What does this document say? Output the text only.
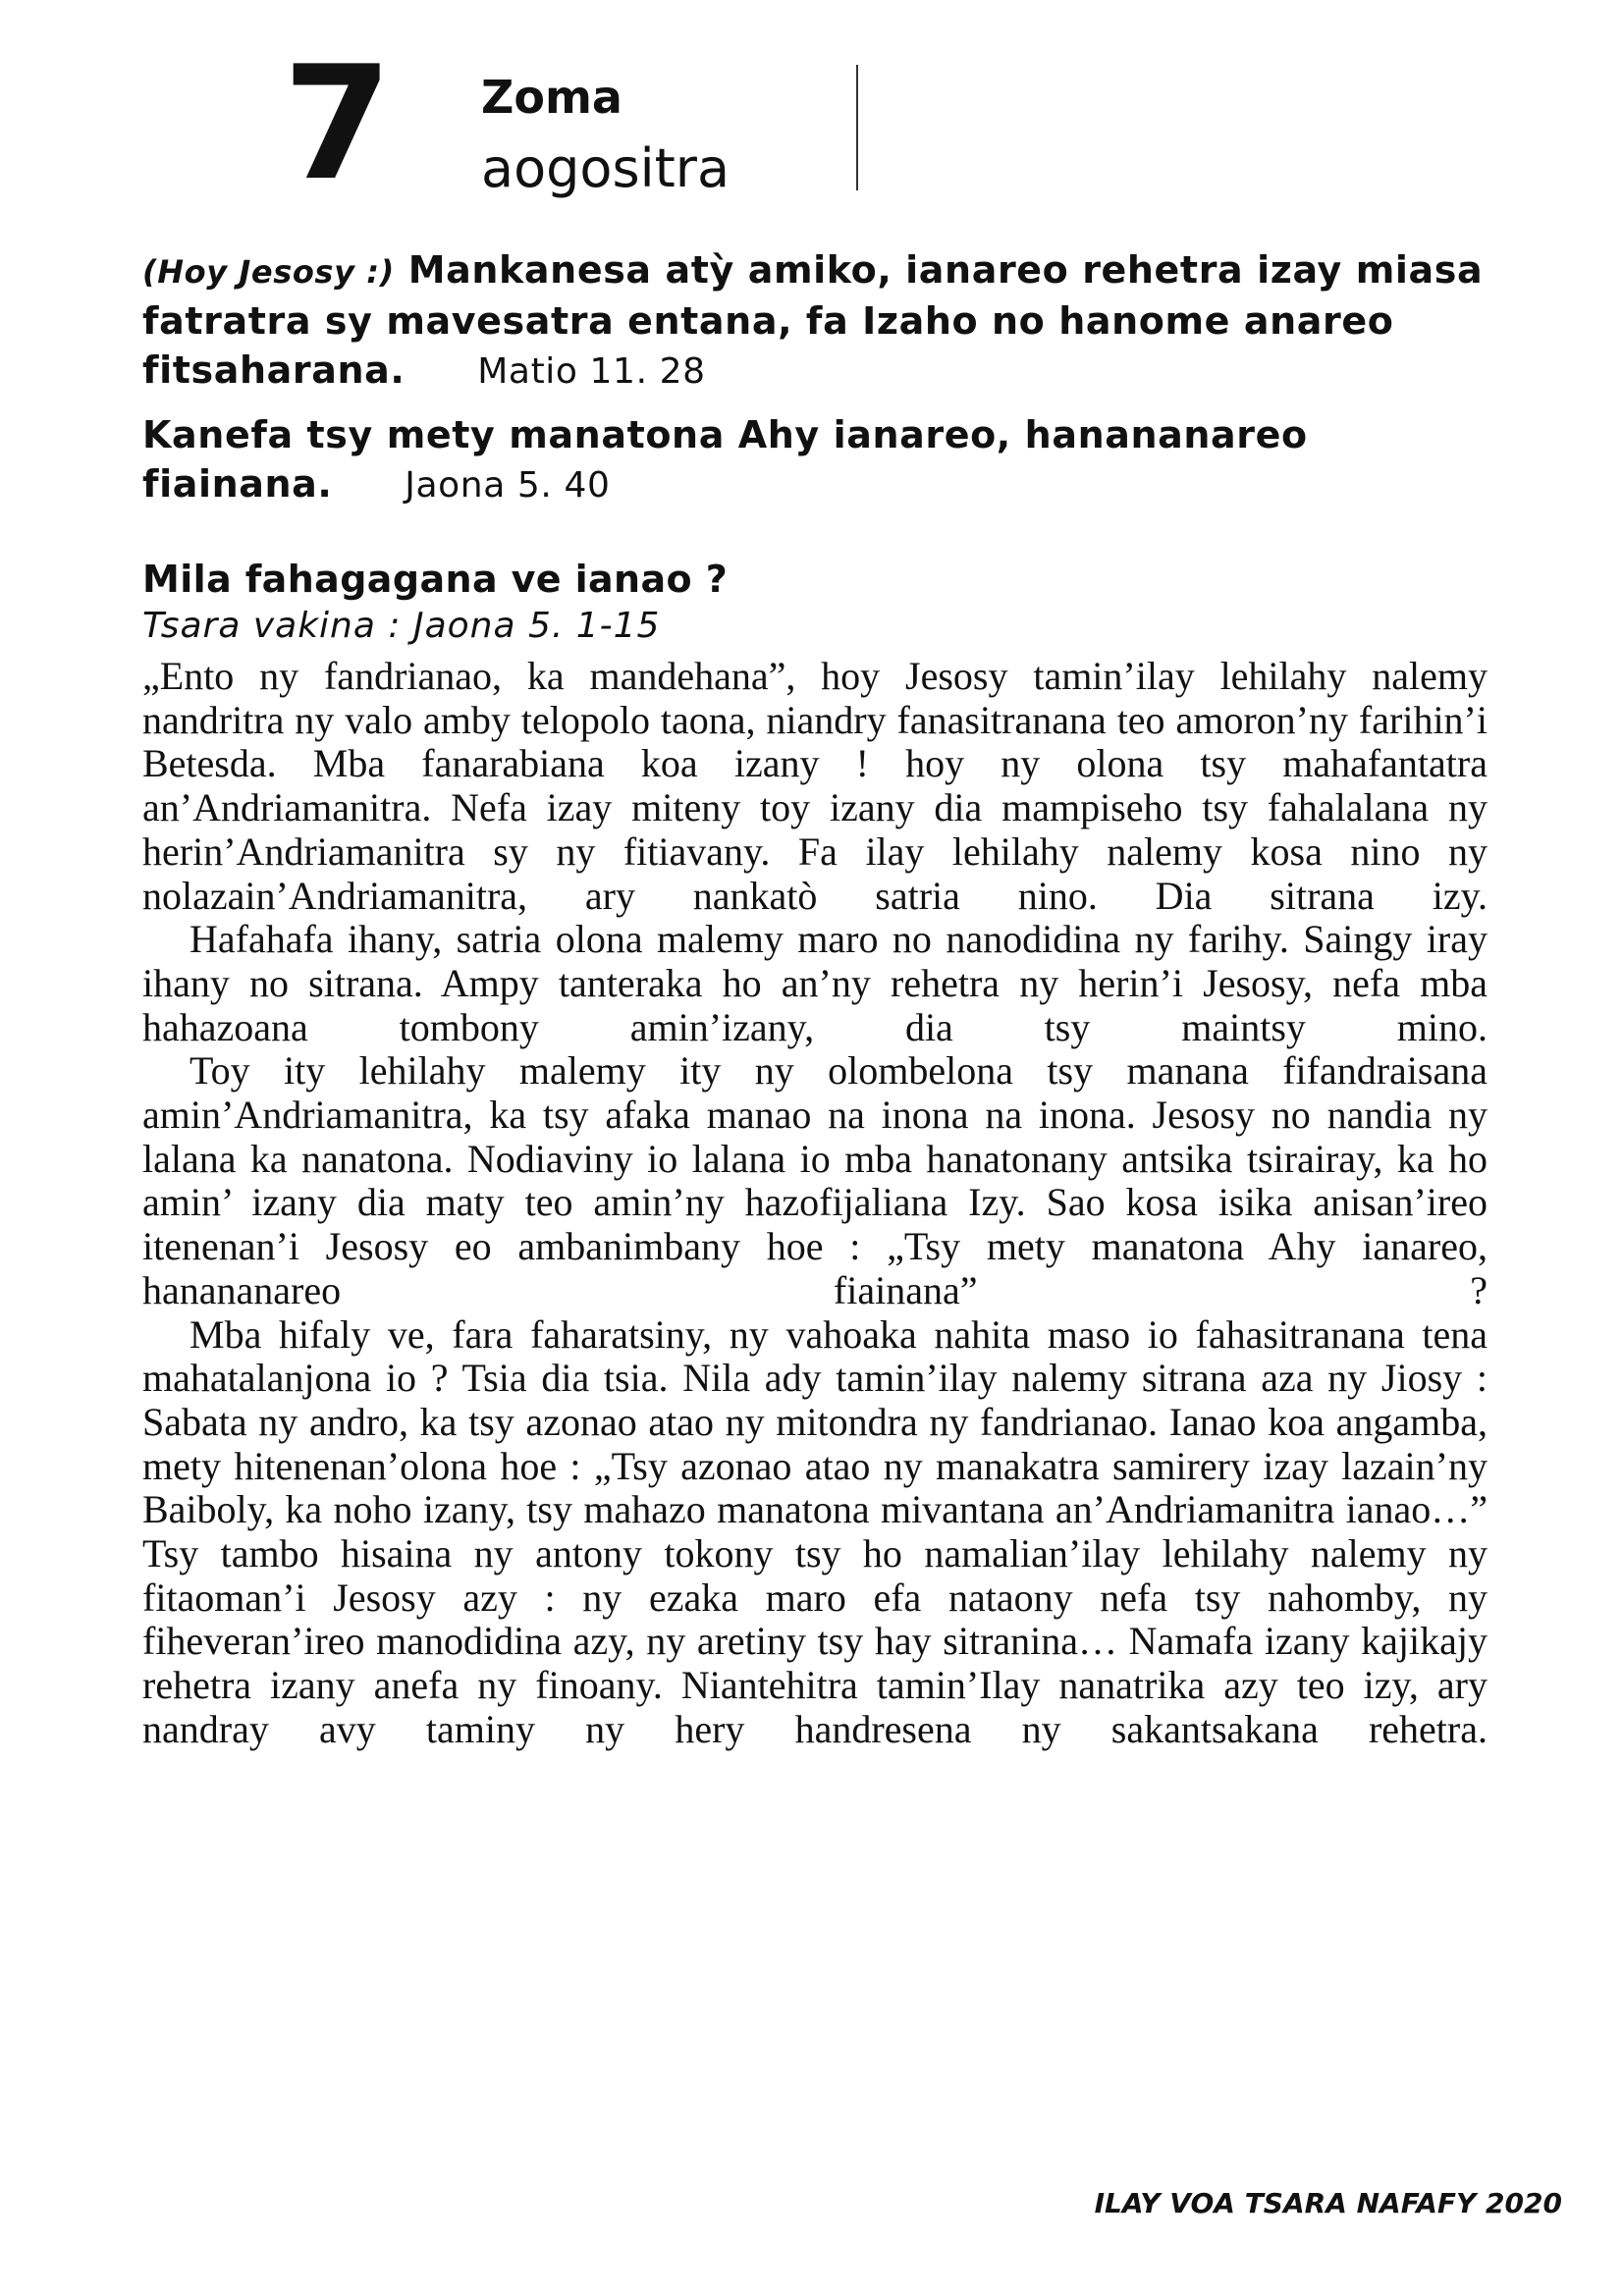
7 Zoma
aogositra

(Hoy Jesosy :) Mankanesa atỳ amiko, ianareo rehetra izay miasa fatratra sy mavesatra entana, fa Izaho no hanome anareo fitsaharana. Matio 11. 28

Kanefa tsy mety manatona Ahy ianareo, hanananareo fiainana. Jaona 5. 40

Mila fahagagana ve ianao ?

Tsara vakina : Jaona 5. 1-15

„Ento ny fandrianao, ka mandehana”, hoy Jesosy tamin’ilay lehilahy nalemy nandritra ny valo amby telopolo taona, niandry fanasitranana teo amoron’ny farihin’i Betesda. Mba fanarabiana koa izany ! hoy ny olona tsy mahafantatra an’Andriamanitra. Nefa izay miteny toy izany dia mampiseho tsy fahalalana ny herin’Andriamanitra sy ny fitiavany. Fa ilay lehilahy nalemy kosa nino ny nolazain’Andriamanitra, ary nankatò satria nino. Dia sitrana izy.

Hafahafa ihany, satria olona malemy maro no nanodidina ny farihy. Saingy iray ihany no sitrana. Ampy tanteraka ho an’ny rehetra ny herin’i Jesosy, nefa mba hahazoana tombony amin’izany, dia tsy maintsy mino.

Toy ity lehilahy malemy ity ny olombelona tsy manana fifandraisana amin’Andriamanitra, ka tsy afaka manao na inona na inona. Jesosy no nandia ny lalana ka nanatona. Nodiaviny io lalana io mba hanatonany antsika tsirairay, ka ho amin’ izany dia maty teo amin’ny hazofijaliana Izy. Sao kosa isika anisan’ireo itenenan’i Jesosy eo ambanimbany hoe : „Tsy mety manatona Ahy ianareo, hanananareo fiainana” ?

Mba hifaly ve, fara faharatsiny, ny vahoaka nahita maso io fahasitranana tena mahatalanjona io ? Tsia dia tsia. Nila ady tamin’ilay nalemy sitrana aza ny Jiosy : Sabata ny andro, ka tsy azonao atao ny mitondra ny fandrianao. Ianao koa angamba, mety hitenenan’olona hoe : „Tsy azonao atao ny manakatra samirery izay lazain’ny Baiboly, ka noho izany, tsy mahazo manatona mivantana an’Andriamanitra ianao…” Tsy tambo hisaina ny antony tokony tsy ho namalian’ilay lehilahy nalemy ny fitaoman’i Jesosy azy : ny ezaka maro efa nataony nefa tsy nahomby, ny fiheveran’ireo manodidina azy, ny aretiny tsy hay sitranina… Namafa izany kajikajy rehetra izany anefa ny finoany. Niantehitra tamin’Ilay nanatrika azy teo izy, ary nandray avy taminy ny hery handresena ny sakantsakana rehetra.

ILAY VOA TSARA NAFAFY 2020
